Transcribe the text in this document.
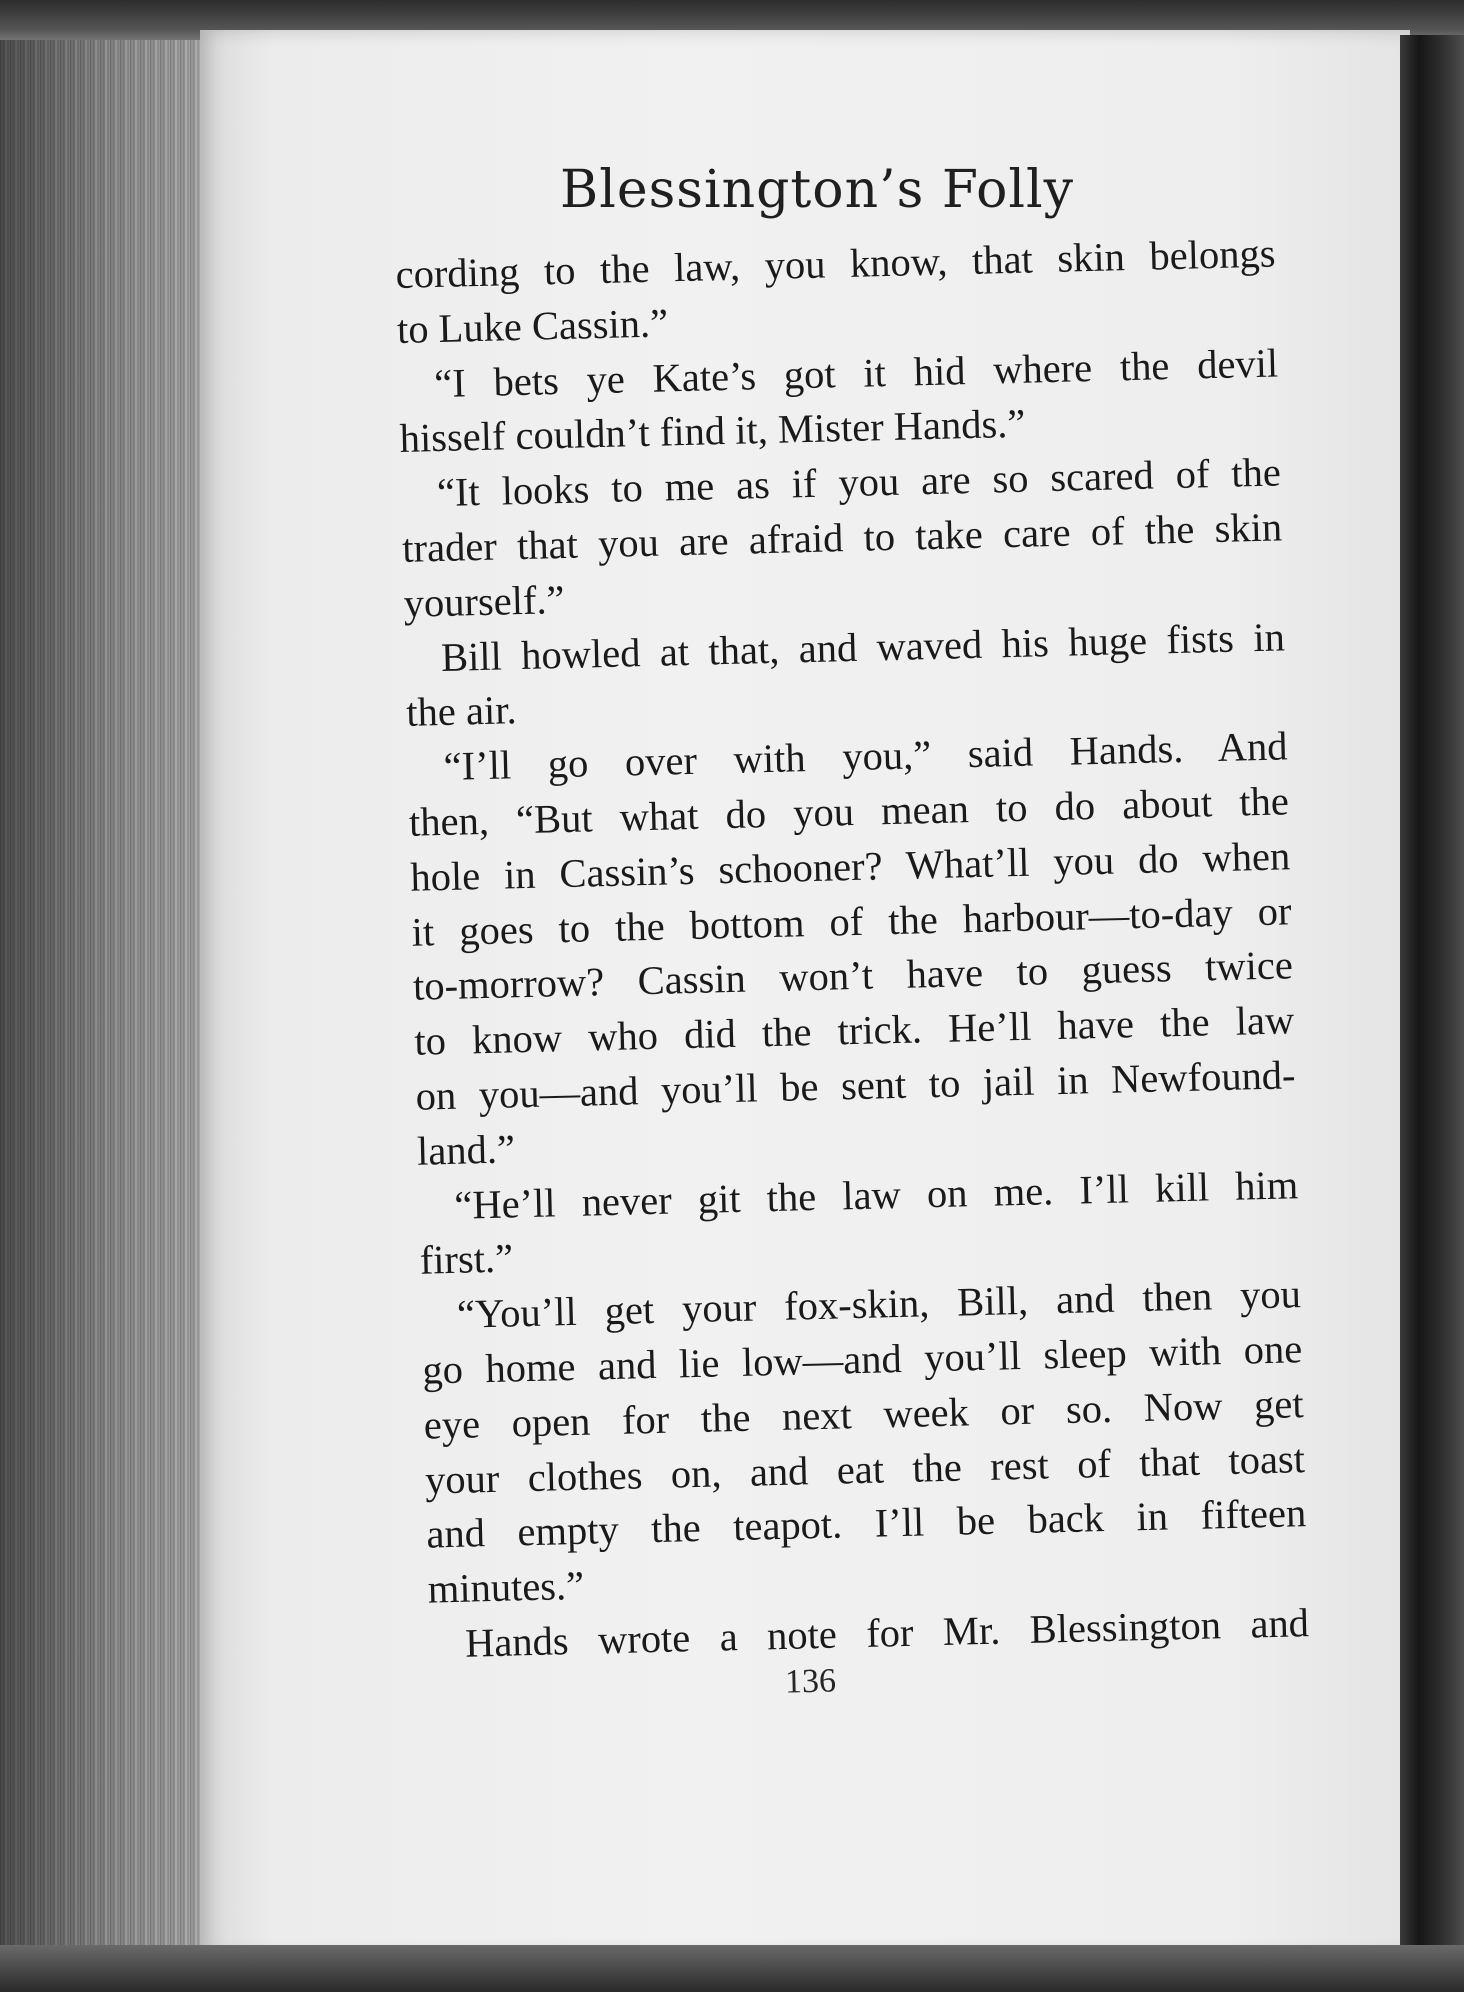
Blessington’s Folly
cording to the law, you know, that skin belongs
to Luke Cassin.”
“I bets ye Kate’s got it hid where the devil
hisself couldn’t find it, Mister Hands.”
“It looks to me as if you are so scared of the
trader that you are afraid to take care of the skin
yourself.”
Bill howled at that, and waved his huge fists in
the air.
“I’ll go over with you,” said Hands. And
then, “But what do you mean to do about the
hole in Cassin’s schooner? What’ll you do when
it goes to the bottom of the harbour—to-day or
to-morrow? Cassin won’t have to guess twice
to know who did the trick. He’ll have the law
on you—and you’ll be sent to jail in Newfound-
land.”
“He’ll never git the law on me. I’ll kill him
first.”
“You’ll get your fox-skin, Bill, and then you
go home and lie low—and you’ll sleep with one
eye open for the next week or so. Now get
your clothes on, and eat the rest of that toast
and empty the teapot. I’ll be back in fifteen
minutes.”
Hands wrote a note for Mr. Blessington and
136
